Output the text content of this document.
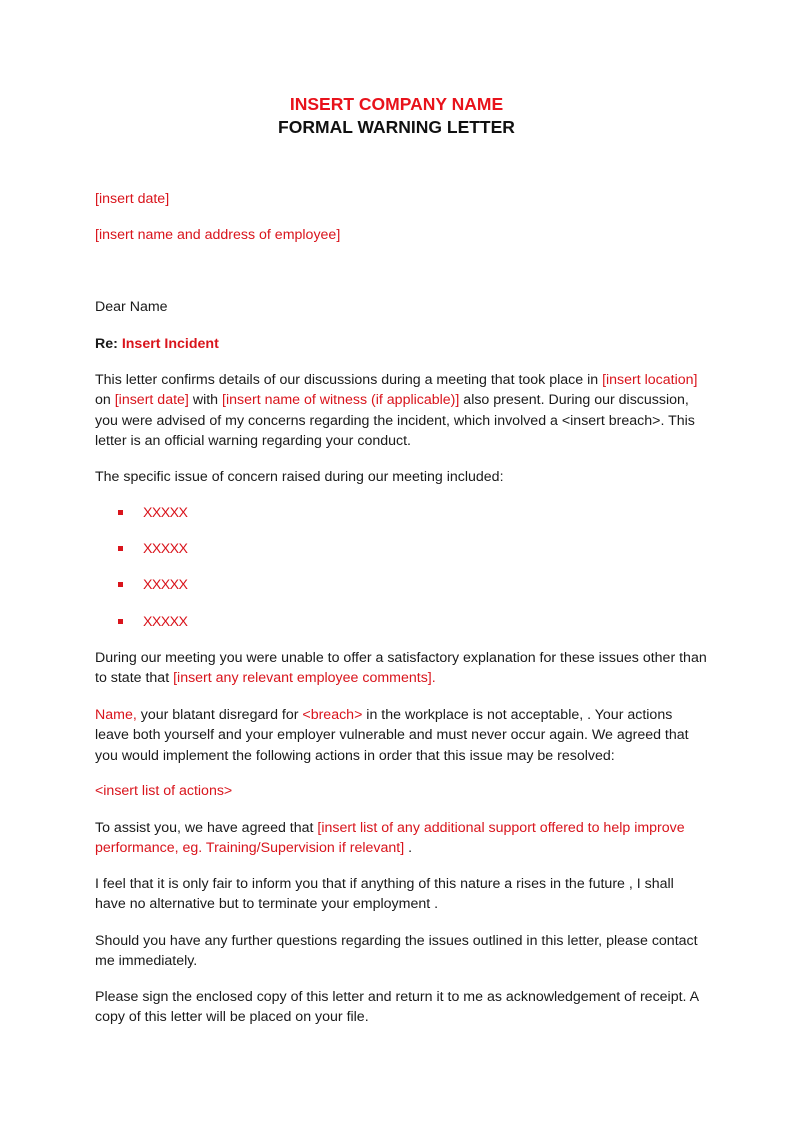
INSERT COMPANY NAME
FORMAL WARNING LETTER

[insert date]

[insert name and address of employee]

Dear Name

Re: Insert Incident

This letter confirms details of our discussions during a meeting that took place in [insert location] on [insert date] with [insert name of witness (if applicable)] also present. During our discussion, you were advised of my concerns regarding the incident, which involved a <insert breach>. This letter is an official warning regarding your conduct.

The specific issue of concern raised during our meeting included:

XXXXX
XXXXX
XXXXX
XXXXX

During our meeting you were unable to offer a satisfactory explanation for these issues other than to state that [insert any relevant employee comments].

Name, your blatant disregard for <breach> in the workplace is not acceptable, . Your actions leave both yourself and your employer vulnerable and must never occur again. We agreed that you would implement the following actions in order that this issue may be resolved:

<insert list of actions>

To assist you, we have agreed that [insert list of any additional support offered to help improve performance, eg. Training/Supervision if relevant] .

I feel that it is only fair to inform you that if anything of this nature a rises in the future , I shall have no alternative but to terminate your employment .

Should you have any further questions regarding the issues outlined in this letter, please contact me immediately.

Please sign the enclosed copy of this letter and return it to me as acknowledgement of receipt. A copy of this letter will be placed on your file.
